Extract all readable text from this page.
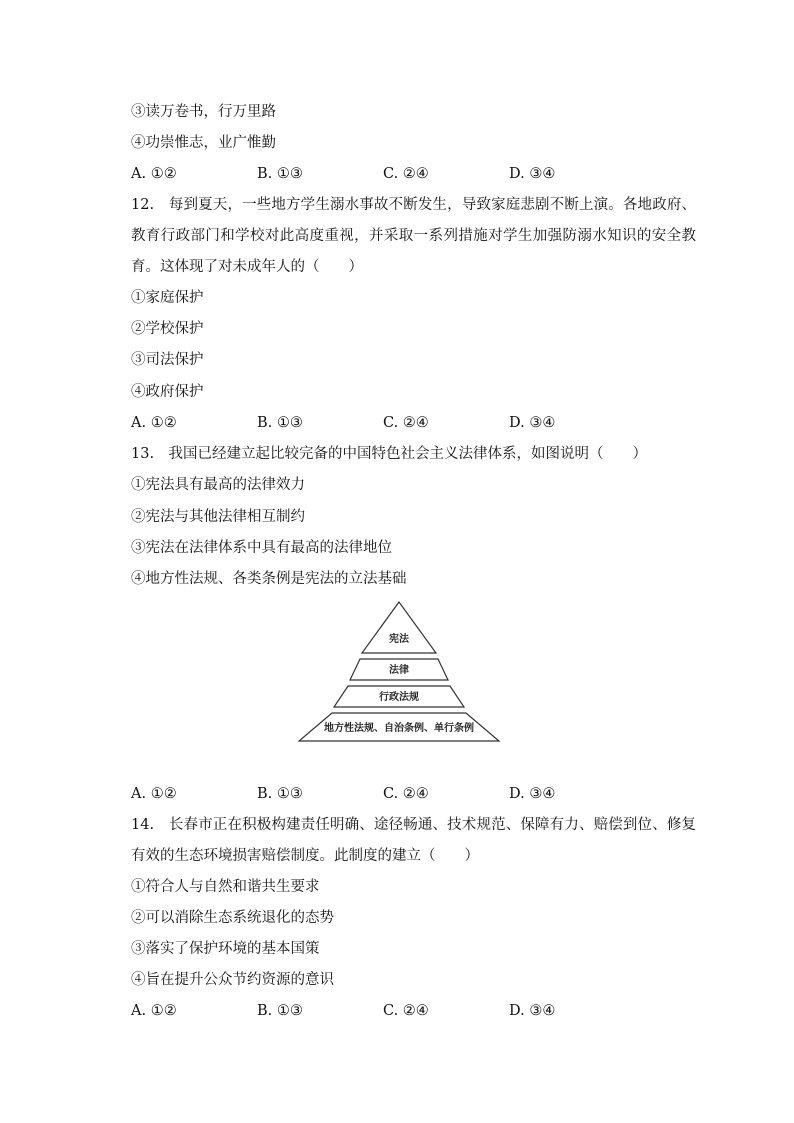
③读万卷书，行万里路
④功崇惟志，业广惟勤
A. ①②	B. ①③	C. ②④	D. ③④
12.　每到夏天，一些地方学生溺水事故不断发生，导致家庭悲剧不断上演。各地政府、教育行政部门和学校对此高度重视，并采取一系列措施对学生加强防溺水知识的安全教育。这体现了对未成年人的（　　）
①家庭保护
②学校保护
③司法保护
④政府保护
A. ①②	B. ①③	C. ②④	D. ③④
13.　我国已经建立起比较完备的中国特色社会主义法律体系，如图说明（　　）
①宪法具有最高的法律效力
②宪法与其他法律相互制约
③宪法在法律体系中具有最高的法律地位
④地方性法规、各类条例是宪法的立法基础
宪法
法律
行政法规
地方性法规、自治条例、单行条例
A. ①②	B. ①③	C. ②④	D. ③④
14.　长春市正在积极构建责任明确、途径畅通、技术规范、保障有力、赔偿到位、修复有效的生态环境损害赔偿制度。此制度的建立（　　）
①符合人与自然和谐共生要求
②可以消除生态系统退化的态势
③落实了保护环境的基本国策
④旨在提升公众节约资源的意识
A. ①②	B. ①③	C. ②④	D. ③④
